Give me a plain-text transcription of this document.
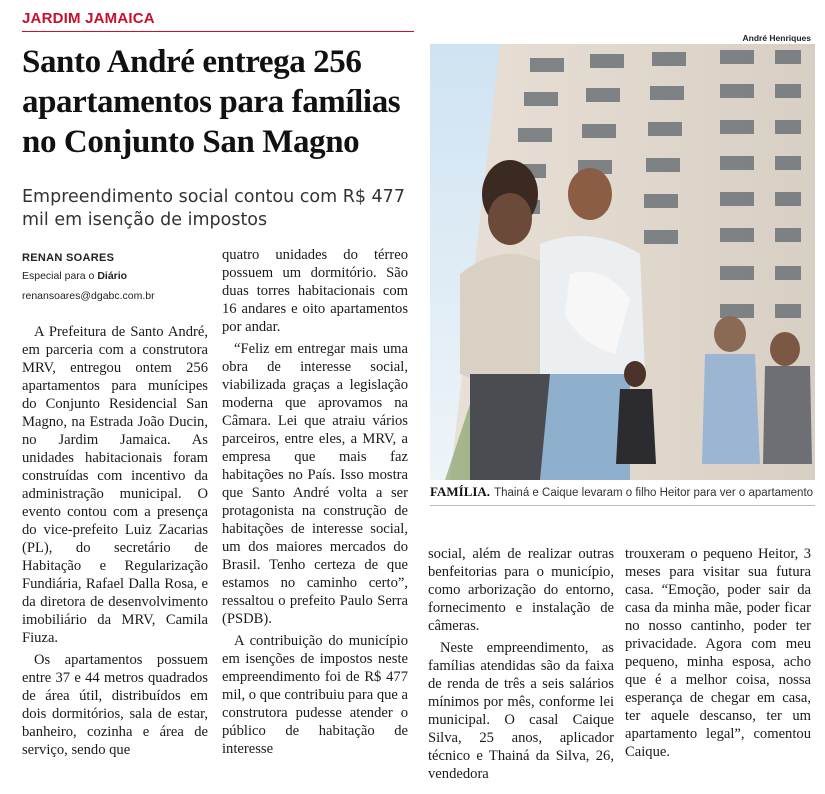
JARDIM JAMAICA
Santo André entrega 256 apartamentos para famílias no Conjunto San Magno

Empreendimento social contou com R$ 477 mil em isenção de impostos

RENAN SOARES
Especial para o Diário
renansoares@dgabc.com.br

A Prefeitura de Santo André, em parceria com a construtora MRV, entregou ontem 256 apartamentos para munícipes do Conjunto Residencial San Magno, na Estrada João Ducin, no Jardim Jamaica. As unidades habitacionais foram construídas com incentivo da administração municipal. O evento contou com a presença do vice-prefeito Luiz Zacarias (PL), do secretário de Habitação e Regularização Fundiária, Rafael Dalla Rosa, e da diretora de desenvolvimento imobiliário da MRV, Camila Fiuza.

Os apartamentos possuem entre 37 e 44 metros quadrados de área útil, distribuídos em dois dormitórios, sala de estar, banheiro, cozinha e área de serviço, sendo que

quatro unidades do térreo possuem um dormitório. São duas torres habitacionais com 16 andares e oito apartamentos por andar.

“Feliz em entregar mais uma obra de interesse social, viabilizada graças a legislação moderna que aprovamos na Câmara. Lei que atraiu vários parceiros, entre eles, a MRV, a empresa que mais faz habitações no País. Isso mostra que Santo André volta a ser protagonista na construção de habitações de interesse social, um dos maiores mercados do Brasil. Tenho certeza de que estamos no caminho certo”, ressaltou o prefeito Paulo Serra (PSDB).

A contribuição do município em isenções de impostos neste empreendimento foi de R$ 477 mil, o que contribuiu para que a construtora pudesse atender o público de habitação de interesse

social, além de realizar outras benfeitorias para o município, como arborização do entorno, fornecimento e instalação de câmeras.

Neste empreendimento, as famílias atendidas são da faixa de renda de três a seis salários mínimos por mês, conforme lei municipal. O casal Caique Silva, 25 anos, aplicador técnico e Thainá da Silva, 26, vendedora

trouxeram o pequeno Heitor, 3 meses para visitar sua futura casa. “Emoção, poder sair da casa da minha mãe, poder ficar no nosso cantinho, poder ter privacidade. Agora com meu pequeno, minha esposa, acho que é a melhor coisa, nossa esperança de chegar em casa, ter aquele descanso, ter um apartamento legal”, comentou Caique.

André Henriques
FAMÍLIA. Thainá e Caique levaram o filho Heitor para ver o apartamento
